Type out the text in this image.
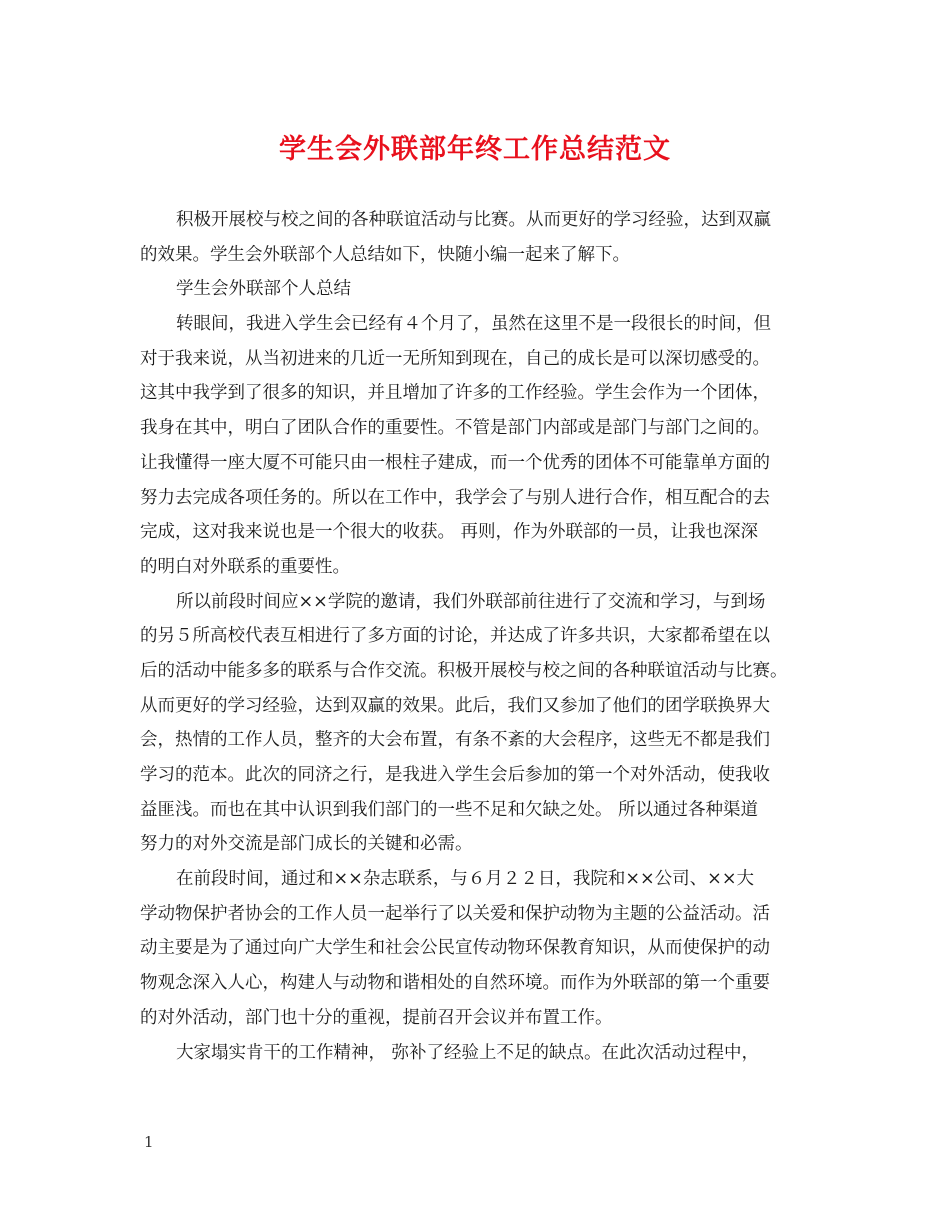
学生会外联部年终工作总结范文
积极开展校与校之间的各种联谊活动与比赛。从而更好的学习经验，达到双赢
的效果。学生会外联部个人总结如下，快随小编一起来了解下。
学生会外联部个人总结
转眼间，我进入学生会已经有４个月了，虽然在这里不是一段很长的时间，但
对于我来说，从当初进来的几近一无所知到现在，自己的成长是可以深切感受的。
这其中我学到了很多的知识，并且增加了许多的工作经验。学生会作为一个团体，
我身在其中，明白了团队合作的重要性。不管是部门内部或是部门与部门之间的。
让我懂得一座大厦不可能只由一根柱子建成，而一个优秀的团体不可能靠单方面的
努力去完成各项任务的。所以在工作中，我学会了与别人进行合作，相互配合的去
完成，这对我来说也是一个很大的收获。 再则，作为外联部的一员，让我也深深
的明白对外联系的重要性。
所以前段时间应××学院的邀请，我们外联部前往进行了交流和学习，与到场
的另５所高校代表互相进行了多方面的讨论，并达成了许多共识，大家都希望在以
后的活动中能多多的联系与合作交流。积极开展校与校之间的各种联谊活动与比赛。
从而更好的学习经验，达到双赢的效果。此后，我们又参加了他们的团学联换界大
会，热情的工作人员，整齐的大会布置，有条不紊的大会程序，这些无不都是我们
学习的范本。此次的同济之行，是我进入学生会后参加的第一个对外活动，使我收
益匪浅。而也在其中认识到我们部门的一些不足和欠缺之处。 所以通过各种渠道
努力的对外交流是部门成长的关键和必需。
在前段时间，通过和××杂志联系，与６月２２日，我院和××公司、××大
学动物保护者协会的工作人员一起举行了以关爱和保护动物为主题的公益活动。活
动主要是为了通过向广大学生和社会公民宣传动物环保教育知识，从而使保护的动
物观念深入人心，构建人与动物和谐相处的自然环境。而作为外联部的第一个重要
的对外活动，部门也十分的重视，提前召开会议并布置工作。
大家塌实肯干的工作精神， 弥补了经验上不足的缺点。在此次活动过程中，
1
